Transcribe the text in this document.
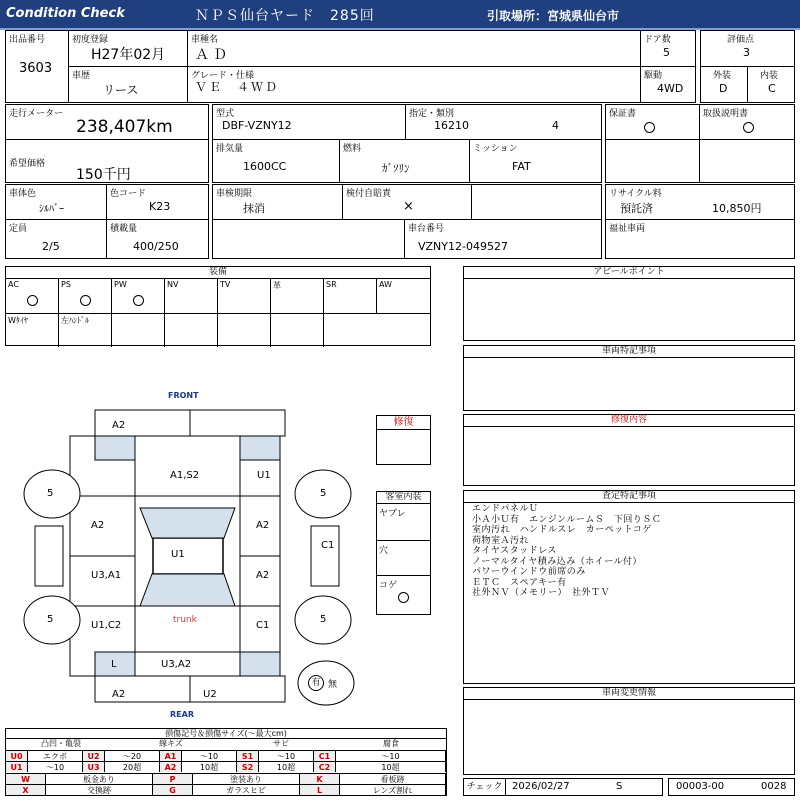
Condition Check	ＮＰＳ仙台ヤード　285回	引取場所：宮城県仙台市
出品番号
3603
初度登録
H27年02月
車種名
ＡＤ
ドア数
5
評価点
3
車歴
リース
グレード・仕様
ＶＥ　４ＷＤ
駆動
4WD
外装
D
内装
C
走行メーター
238,407km
型式
DBF-VZNY12
指定・類別
16210	4
保証書	取扱説明書
希望価格
150千円
排気量
1600CC
燃料
ｶﾞｿﾘﾝ
ミッション
FAT
車体色
ｼﾙﾊﾞｰ
色コード
K23
車検期限
抹消
検付自賠責
×
リサイクル料
預託済	10,850円
定員
2/5
積載量
400/250
車台番号
VZNY12-049527
福祉車両
装備
AC	PS	PW	NV	TV	革	SR	AW
Wﾀｲﾔ	左ﾊﾝﾄﾞﾙ
FRONT
REAR
A2
A1,S2	U1
A2	A2
U1
C1
U3,A1	A2
trunk
U1,C2	C1
L	U3,A2
A2	U2
5	5
5	5
有 無
修復
客室内装
ヤブレ
穴
コゲ
アピールポイント
車両特記事項
修復内容
査定特記事項
エンドパネルＵ
小Ａ小Ｕ有　エンジンルームＳ　下回りＳＣ
室内汚れ　ハンドルスレ　カーペットコゲ
荷物室Ａ汚れ
タイヤスタッドレス
ノーマルタイヤ積み込み（ホイール付）
パワーウインドウ前席のみ
ＥＴＣ　スペアキー有
社外ＮＶ（メモリー）　社外ＴＶ
車両変更情報
損傷記号＆損傷サイズ(～最大cm)
凸凹・亀裂	線キズ	サビ	腐食
U0	エクボ	U2	～20	A1	～10	S1	～10	C1	～10
U1	～10	U3	20超	A2	10超	S2	10超	C2	10超
W	板金あり	P	塗装あり	K	看板跡
X	交換跡	G	ガラスヒビ	L	レンズ割れ	チェック 2026/02/27	S	00003-00	0028
